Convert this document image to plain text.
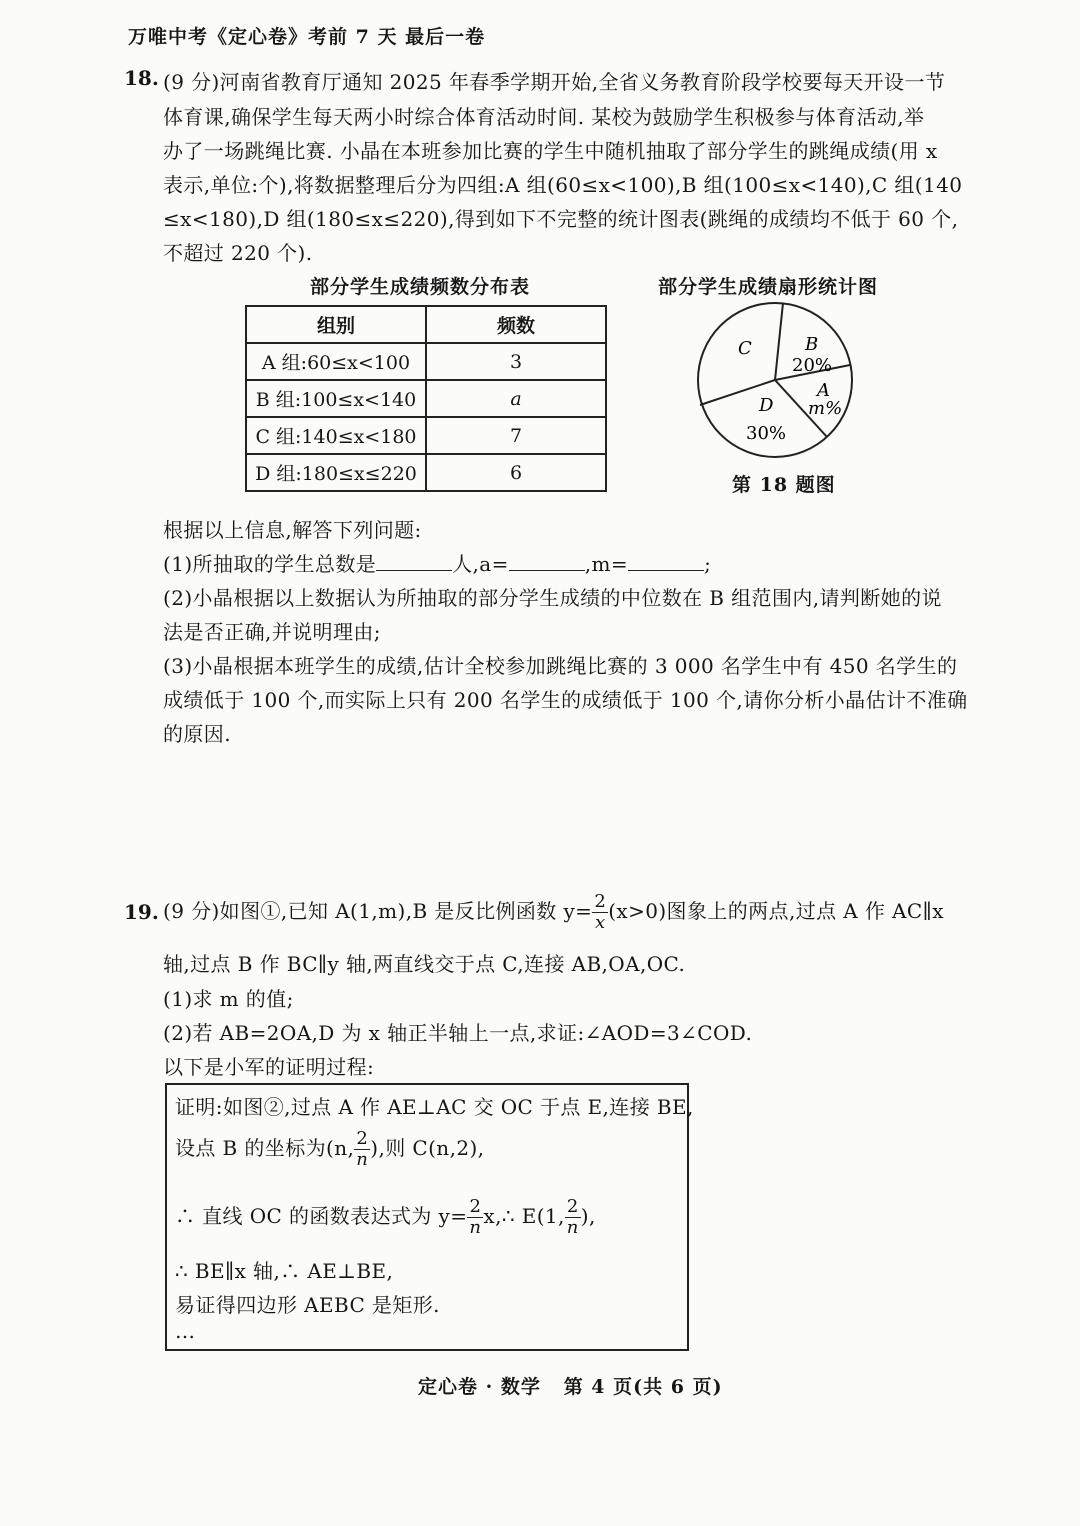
万唯中考《定心卷》考前 7 天 最后一卷
18. (9 分)河南省教育厅通知 2025 年春季学期开始,全省义务教育阶段学校要每天开设一节
体育课,确保学生每天两小时综合体育活动时间. 某校为鼓励学生积极参与体育活动,举
办了一场跳绳比赛. 小晶在本班参加比赛的学生中随机抽取了部分学生的跳绳成绩(用 x
表示,单位:个),将数据整理后分为四组:A 组(60≤x<100),B 组(100≤x<140),C 组(140
≤x<180),D 组(180≤x≤220),得到如下不完整的统计图表(跳绳的成绩均不低于 60 个,
不超过 220 个).
部分学生成绩频数分布表	部分学生成绩扇形统计图
组别	频数
A 组:60≤x<100	3
B 组:100≤x<140	a
C 组:140≤x<180	7
D 组:180≤x≤220	6
C	B
20%
A
m%
D
30%
第 18 题图
根据以上信息,解答下列问题:
(1)所抽取的学生总数是	人,a=	,m=	;
(2)小晶根据以上数据认为所抽取的部分学生成绩的中位数在 B 组范围内,请判断她的说
法是否正确,并说明理由;
(3)小晶根据本班学生的成绩,估计全校参加跳绳比赛的 3 000 名学生中有 450 名学生的
成绩低于 100 个,而实际上只有 200 名学生的成绩低于 100 个,请你分析小晶估计不准确
的原因.
19. (9 分)如图①,已知 A(1,m),B 是反比例函数 $y= \frac{2}{x} (x>0)$图象上的两点,过点 A 作 AC∥x
轴,过点 B 作 BC∥y 轴,两直线交于点 C,连接 AB,OA,OC.
(1)求 m 的值;
(2)若 AB=2OA,D 为 x 轴正半轴上一点,求证:∠AOD=3∠COD.
以下是小军的证明过程:
证明:如图②,过点 A 作 AE⊥AC 交 OC 于点 E,连接 BE,
设点 B 的坐标为(n, $\frac{2}{n}$ ),则 C(n,2),
∴ 直线 OC 的函数表达式为 $y= \frac{2}{n}$ x,∴ E(1, $\frac{2}{n}$ ),
∴ BE∥x 轴,∴ AE⊥BE,
易证得四边形 AEBC 是矩形.
…
定心卷 · 数学   第 4 页(共 6 页)
